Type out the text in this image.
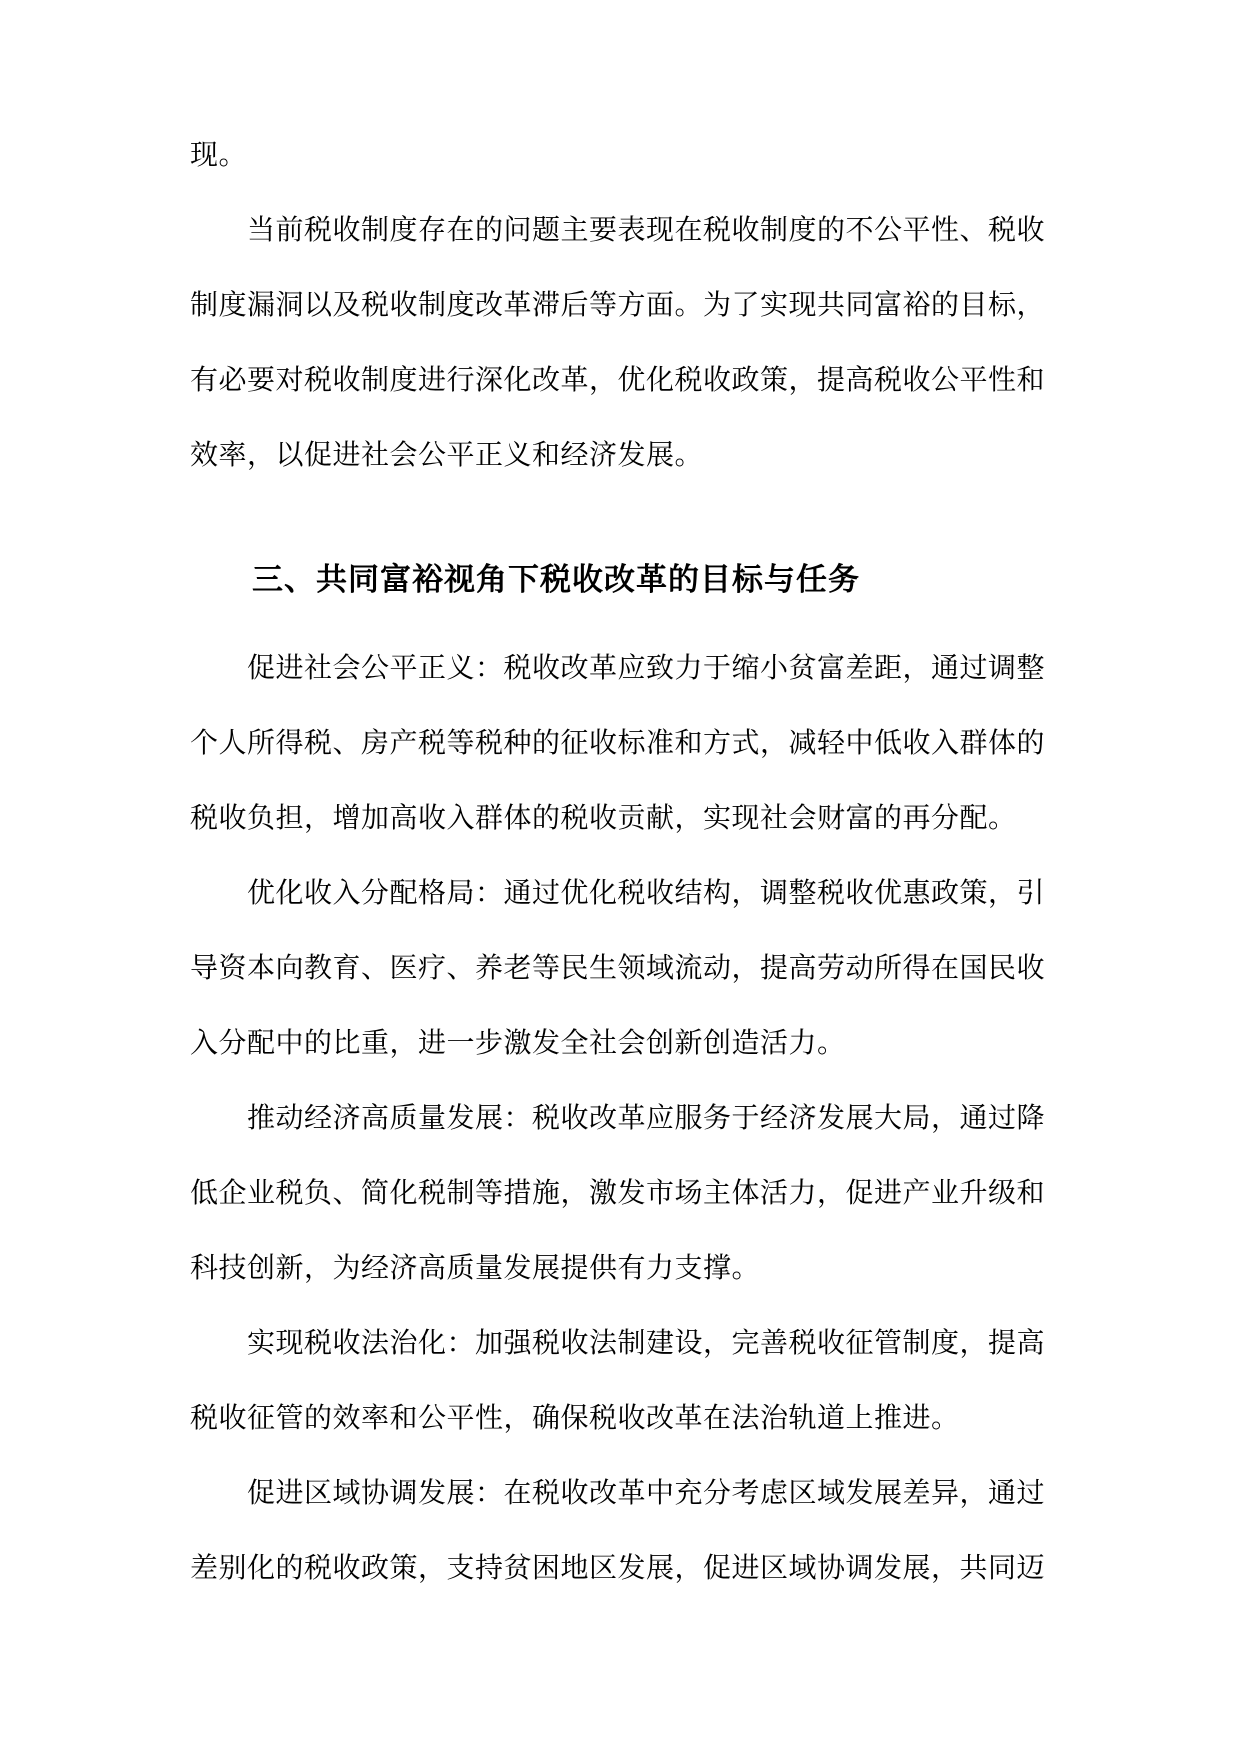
现。
　　当前税收制度存在的问题主要表现在税收制度的不公平性、税收
制度漏洞以及税收制度改革滞后等方面。为了实现共同富裕的目标，
有必要对税收制度进行深化改革，优化税收政策，提高税收公平性和
效率，以促进社会公平正义和经济发展。
三、共同富裕视角下税收改革的目标与任务
　　促进社会公平正义：税收改革应致力于缩小贫富差距，通过调整
个人所得税、房产税等税种的征收标准和方式，减轻中低收入群体的
税收负担，增加高收入群体的税收贡献，实现社会财富的再分配。
　　优化收入分配格局：通过优化税收结构，调整税收优惠政策，引
导资本向教育、医疗、养老等民生领域流动，提高劳动所得在国民收
入分配中的比重，进一步激发全社会创新创造活力。
　　推动经济高质量发展：税收改革应服务于经济发展大局，通过降
低企业税负、简化税制等措施，激发市场主体活力，促进产业升级和
科技创新，为经济高质量发展提供有力支撑。
　　实现税收法治化：加强税收法制建设，完善税收征管制度，提高
税收征管的效率和公平性，确保税收改革在法治轨道上推进。
　　促进区域协调发展：在税收改革中充分考虑区域发展差异，通过
差别化的税收政策，支持贫困地区发展，促进区域协调发展，共同迈
